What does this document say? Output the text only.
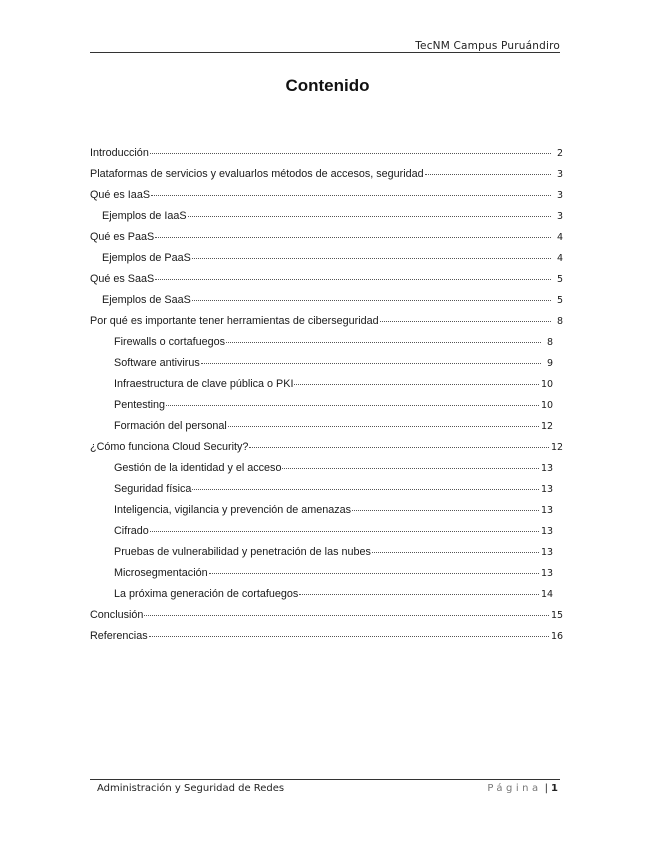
TecNM Campus Puruándiro
Contenido
Introducción	2
Plataformas de servicios y evaluarlos métodos de accesos, seguridad	3
Qué es IaaS	3
Ejemplos de IaaS	3
Qué es PaaS	4
Ejemplos de PaaS	4
Qué es SaaS	5
Ejemplos de SaaS	5
Por qué es importante tener herramientas de ciberseguridad	8
Firewalls o cortafuegos	8
Software antivirus	9
Infraestructura de clave pública o PKI	10
Pentesting	10
Formación del personal	12
¿Cómo funciona Cloud Security?	12
Gestión de la identidad y el acceso	13
Seguridad física	13
Inteligencia, vigilancia y prevención de amenazas	13
Cifrado	13
Pruebas de vulnerabilidad y penetración de las nubes	13
Microsegmentación	13
La próxima generación de cortafuegos	14
Conclusión	15
Referencias	16
Administración y Seguridad de Redes	Página | 1
